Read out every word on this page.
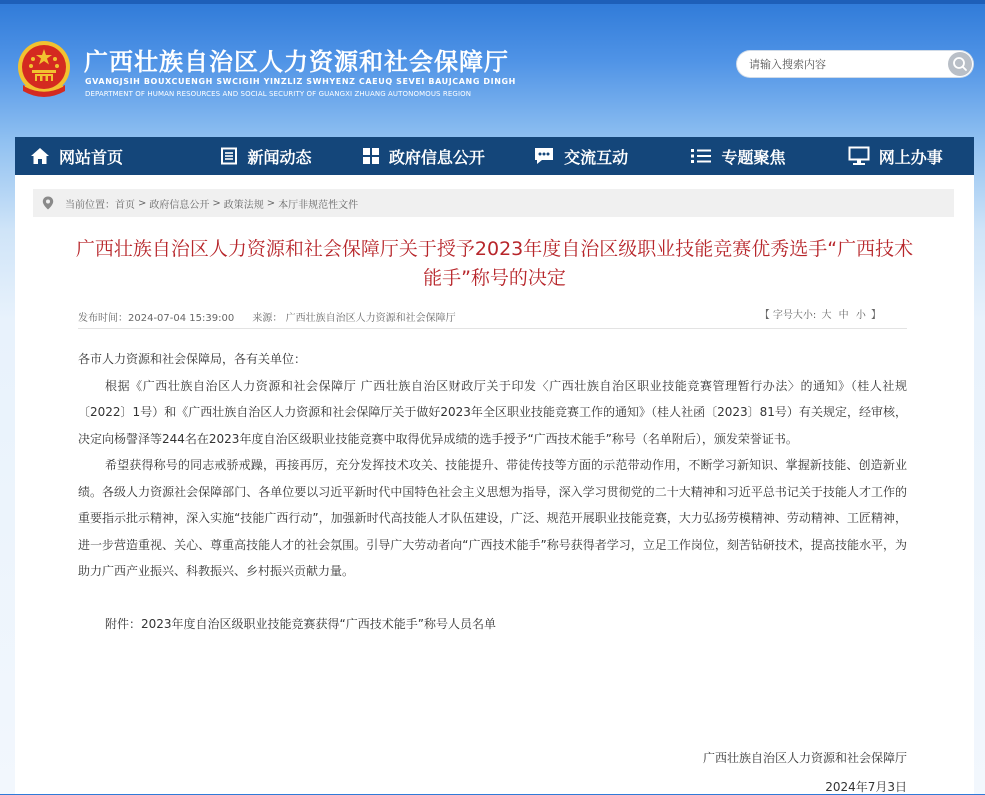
广西壮族自治区人力资源和社会保障厅
GVANGJSIH BOUXCUENGH SWCIGIH YINZLIZ SWHYENZ CAEUQ SEVEI BAUJCANG DINGH
DEPARTMENT OF HUMAN RESOURCES AND SOCIAL SECURITY OF GUANGXI ZHUANG AUTONOMOUS REGION
请输入搜索内容
网站首页	新闻动态	政府信息公开	交流互动	专题聚焦	网上办事
当前位置： 首页 > 政府信息公开 > 政策法规 > 本厅非规范性文件
广西壮族自治区人力资源和社会保障厅关于授予2023年度自治区级职业技能竞赛优秀选手“广西技术能手”称号的决定
发布时间：2024-07-04 15:39:00 来源： 广西壮族自治区人力资源和社会保障厅	【 字号大小: 大 中 小 】

各市人力资源和社会保障局，各有关单位：

根据《广西壮族自治区人力资源和社会保障厅 广西壮族自治区财政厅关于印发〈广西壮族自治区职业技能竞赛管理暂行办法〉的通知》（桂人社规〔2022〕1号）和《广西壮族自治区人力资源和社会保障厅关于做好2023年全区职业技能竞赛工作的通知》（桂人社函〔2023〕81号）有关规定，经审核，决定向杨謦泽等244名在2023年度自治区级职业技能竞赛中取得优异成绩的选手授予“广西技术能手”称号（名单附后），颁发荣誉证书。

希望获得称号的同志戒骄戒躁，再接再厉，充分发挥技术攻关、技能提升、带徒传技等方面的示范带动作用，不断学习新知识、掌握新技能、创造新业绩。各级人力资源社会保障部门、各单位要以习近平新时代中国特色社会主义思想为指导，深入学习贯彻党的二十大精神和习近平总书记关于技能人才工作的重要指示批示精神，深入实施“技能广西行动”，加强新时代高技能人才队伍建设，广泛、规范开展职业技能竞赛，大力弘扬劳模精神、劳动精神、工匠精神，进一步营造重视、关心、尊重高技能人才的社会氛围。引导广大劳动者向“广西技术能手”称号获得者学习，立足工作岗位，刻苦钻研技术，提高技能水平，为助力广西产业振兴、科教振兴、乡村振兴贡献力量。

附件：2023年度自治区级职业技能竞赛获得“广西技术能手”称号人员名单

广西壮族自治区人力资源和社会保障厅
2024年7月3日
